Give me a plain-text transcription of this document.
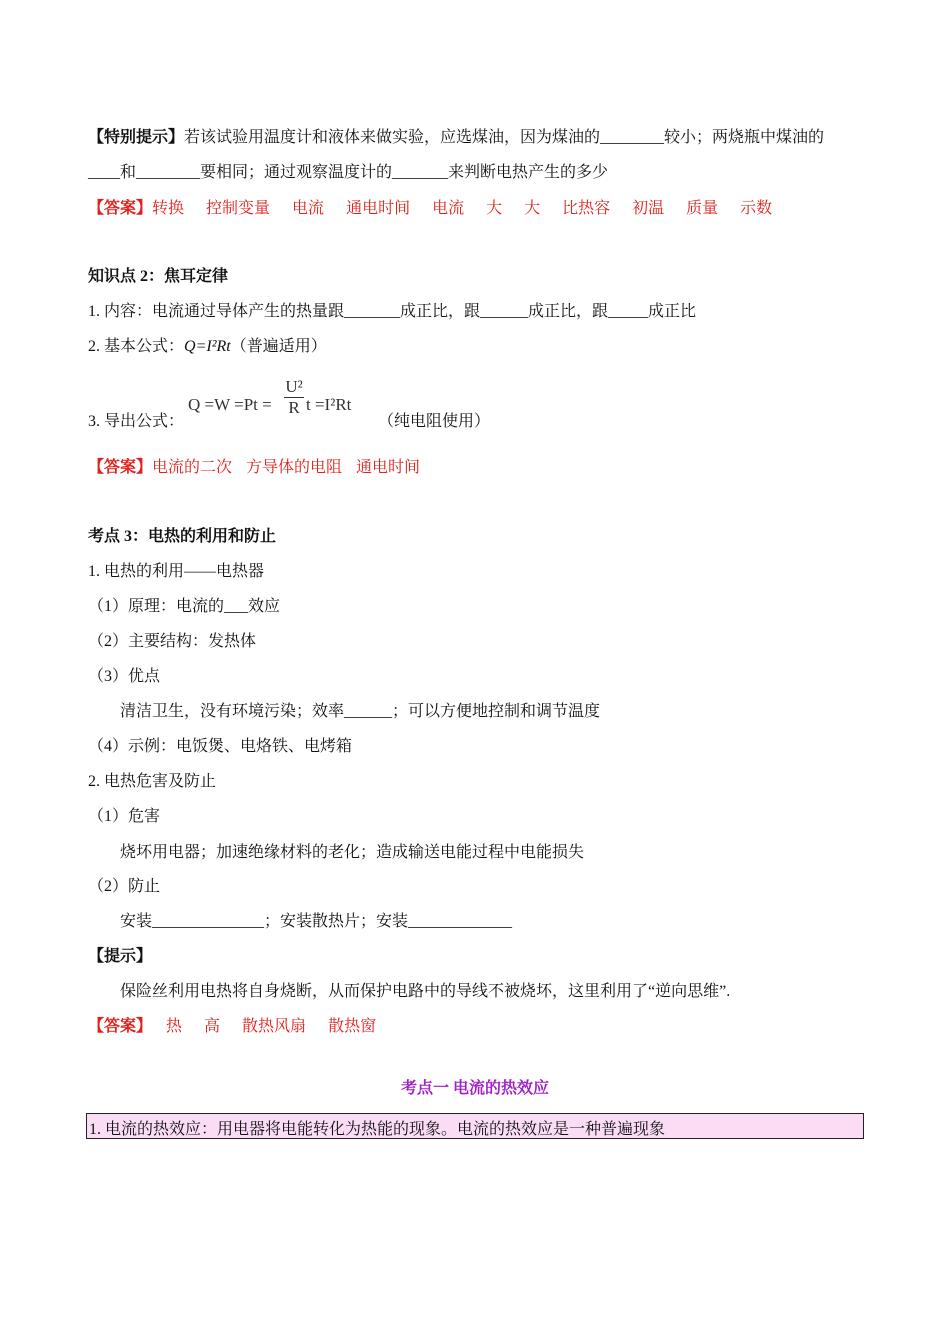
【特别提示】若该试验用温度计和液体来做实验，应选煤油，因为煤油的________较小；两烧瓶中煤油的
____和________要相同；通过观察温度计的_______来判断电热产生的多少
【答案】转换 控制变量 电流 通电时间 电流 大 大 比热容 初温 质量 示数
知识点 2：焦耳定律
1. 内容：电流通过导体产生的热量跟_______成正比，跟______成正比，跟_____成正比
2. 基本公式：Q=I²Rt（普遍适用）
3. 导出公式：
Q =W =Pt =
U²
R t =I²Rt
（纯电阻使用）
【答案】电流的二次 方导体的电阻 通电时间
考点 3：电热的利用和防止
1. 电热的利用——电热器
（1）原理：电流的___效应
（2）主要结构：发热体
（3）优点
清洁卫生，没有环境污染；效率______；可以方便地控制和调节温度
（4）示例：电饭煲、电烙铁、电烤箱
2. 电热危害及防止
（1）危害
烧坏用电器；加速绝缘材料的老化；造成输送电能过程中电能损失
（2）防止
安装______________；安装散热片；安装_____________
【提示】
保险丝利用电热将自身烧断，从而保护电路中的导线不被烧坏，这里利用了“逆向思维”.
【答案】 热 高 散热风扇 散热窗
考点一 电流的热效应
1. 电流的热效应：用电器将电能转化为热能的现象。电流的热效应是一种普遍现象
